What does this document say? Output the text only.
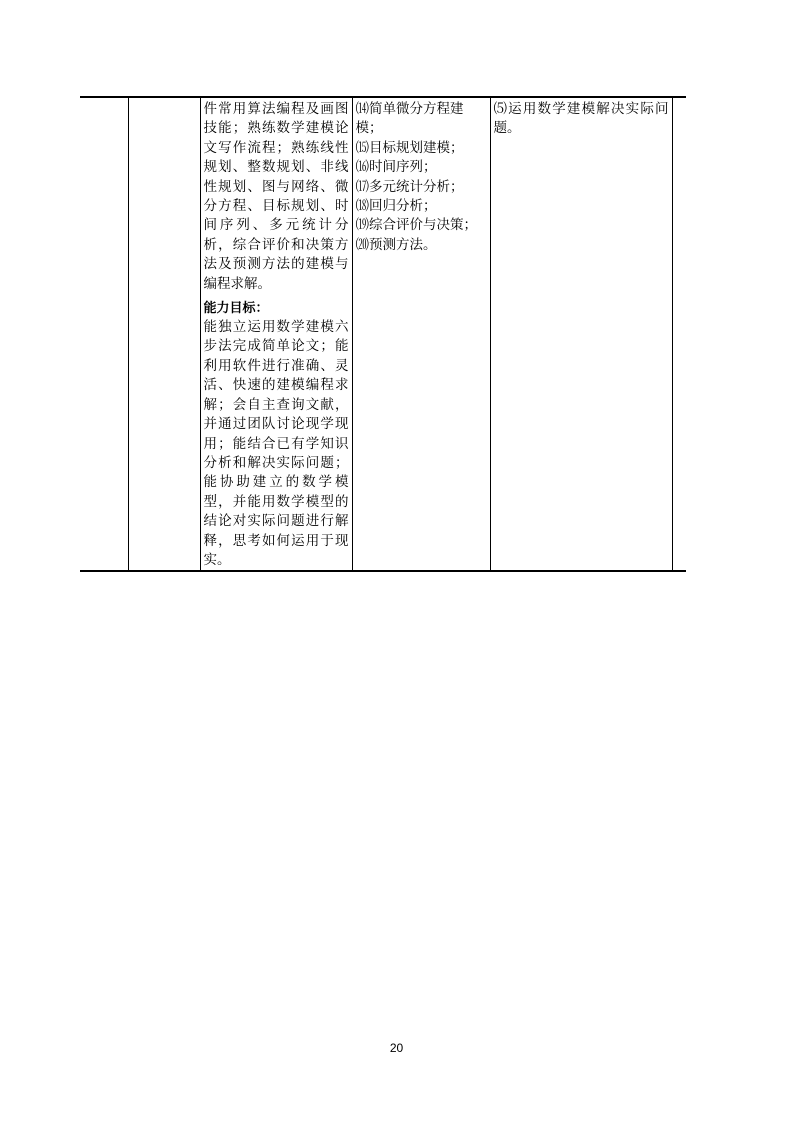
件常用算法编程及画图技能；熟练数学建模论文写作流程；熟练线性规划、整数规划、非线性规划、图与网络、微分方程、目标规划、时间序列、多元统计分析，综合评价和决策方法及预测方法的建模与编程求解。
能力目标：
能独立运用数学建模六步法完成简单论文；能利用软件进行准确、灵活、快速的建模编程求解；会自主查询文献，并通过团队讨论现学现用；能结合已有学知识分析和解决实际问题；能协助建立的数学模型，并能用数学模型的结论对实际问题进行解释，思考如何运用于现实。

⒁简单微分方程建模；
⒂目标规划建模；
⒃时间序列；
⒄多元统计分析；
⒅回归分析；
⒆综合评价与决策；
⒇预测方法。

⑸运用数学建模解决实际问题。

20
